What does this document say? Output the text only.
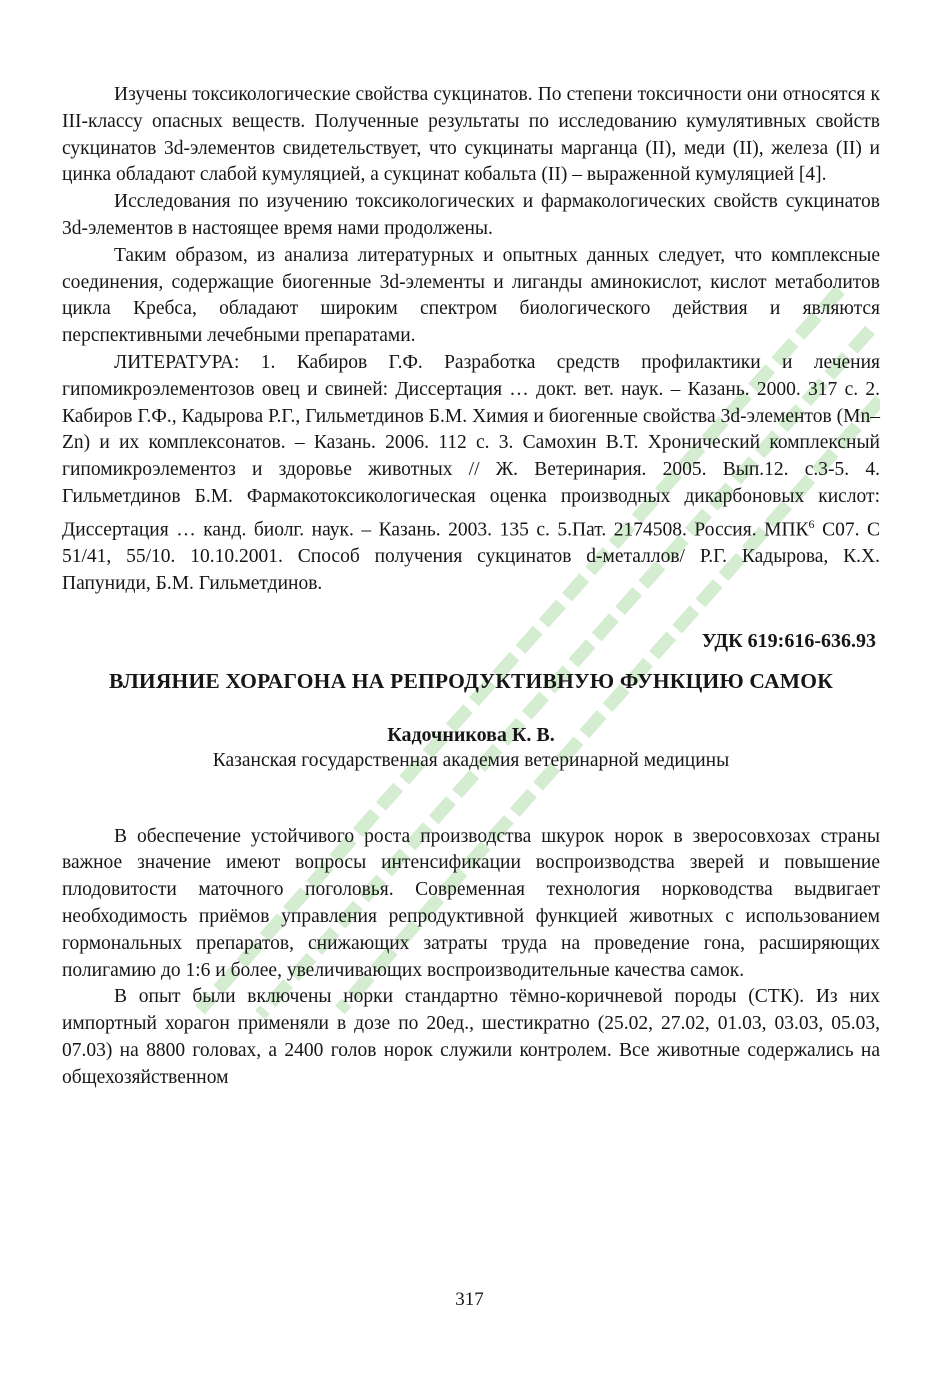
Изучены токсикологические свойства сукцинатов. По степени токсичности они относятся к III-классу опасных веществ. Полученные результаты по исследованию кумулятивных свойств сукцинатов 3d-элементов свидетельствует, что сукцинаты марганца (II), меди (II), железа (II) и цинка обладают слабой кумуляцией, а сукцинат кобальта (II) – выраженной кумуляцией [4].

Исследования по изучению токсикологических и фармакологических свойств сукцинатов 3d-элементов в настоящее время нами продолжены.

Таким образом, из анализа литературных и опытных данных следует, что комплексные соединения, содержащие биогенные 3d-элементы и лиганды аминокислот, кислот метаболитов цикла Кребса, обладают широким спектром биологического действия и являются перспективными лечебными препаратами.

ЛИТЕРАТУРА: 1. Кабиров Г.Ф. Разработка средств профилактики и лечения гипомикроэлементозов овец и свиней: Диссертация … докт. вет. наук. – Казань. 2000. 317 с. 2. Кабиров Г.Ф., Кадырова Р.Г., Гильметдинов Б.М. Химия и биогенные свойства 3d-элементов (Mn–Zn) и их комплексонатов. – Казань. 2006. 112 с. 3. Самохин В.Т. Хронический комплексный гипомикроэлементоз и здоровье животных // Ж. Ветеринария. 2005. Вып.12. с.3-5. 4. Гильметдинов Б.М. Фармакотоксикологическая оценка производных дикарбоновых кислот: Диссертация … канд. биолг. наук. – Казань. 2003. 135 с. 5.Пат. 2174508. Россия. МПК$^6$ С07. С 51/41, 55/10. 10.10.2001. Способ получения сукцинатов d-металлов/ Р.Г. Кадырова, К.Х. Папуниди, Б.М. Гильметдинов.

УДК 619:616-636.93
ВЛИЯНИЕ ХОРАГОНА НА РЕПРОДУКТИВНУЮ ФУНКЦИЮ САМОК
Кадочникова К. В.
Казанская государственная академия ветеринарной медицины

В обеспечение устойчивого роста производства шкурок норок в зверосовхозах страны важное значение имеют вопросы интенсификации воспроизводства зверей и повышение плодовитости маточного поголовья. Современная технология норководства выдвигает необходимость приёмов управления репродуктивной функцией животных с использованием гормональных препаратов, снижающих затраты труда на проведение гона, расширяющих полигамию до 1:6 и более, увеличивающих воспроизводительные качества самок.

В опыт были включены норки стандартно тёмно-коричневой породы (СТК). Из них импортный хорагон применяли в дозе по 20ед., шестикратно (25.02, 27.02, 01.03, 03.03, 05.03, 07.03) на 8800 головах, а 2400 голов норок служили контролем. Все животные содержались на общехозяйственном

317
